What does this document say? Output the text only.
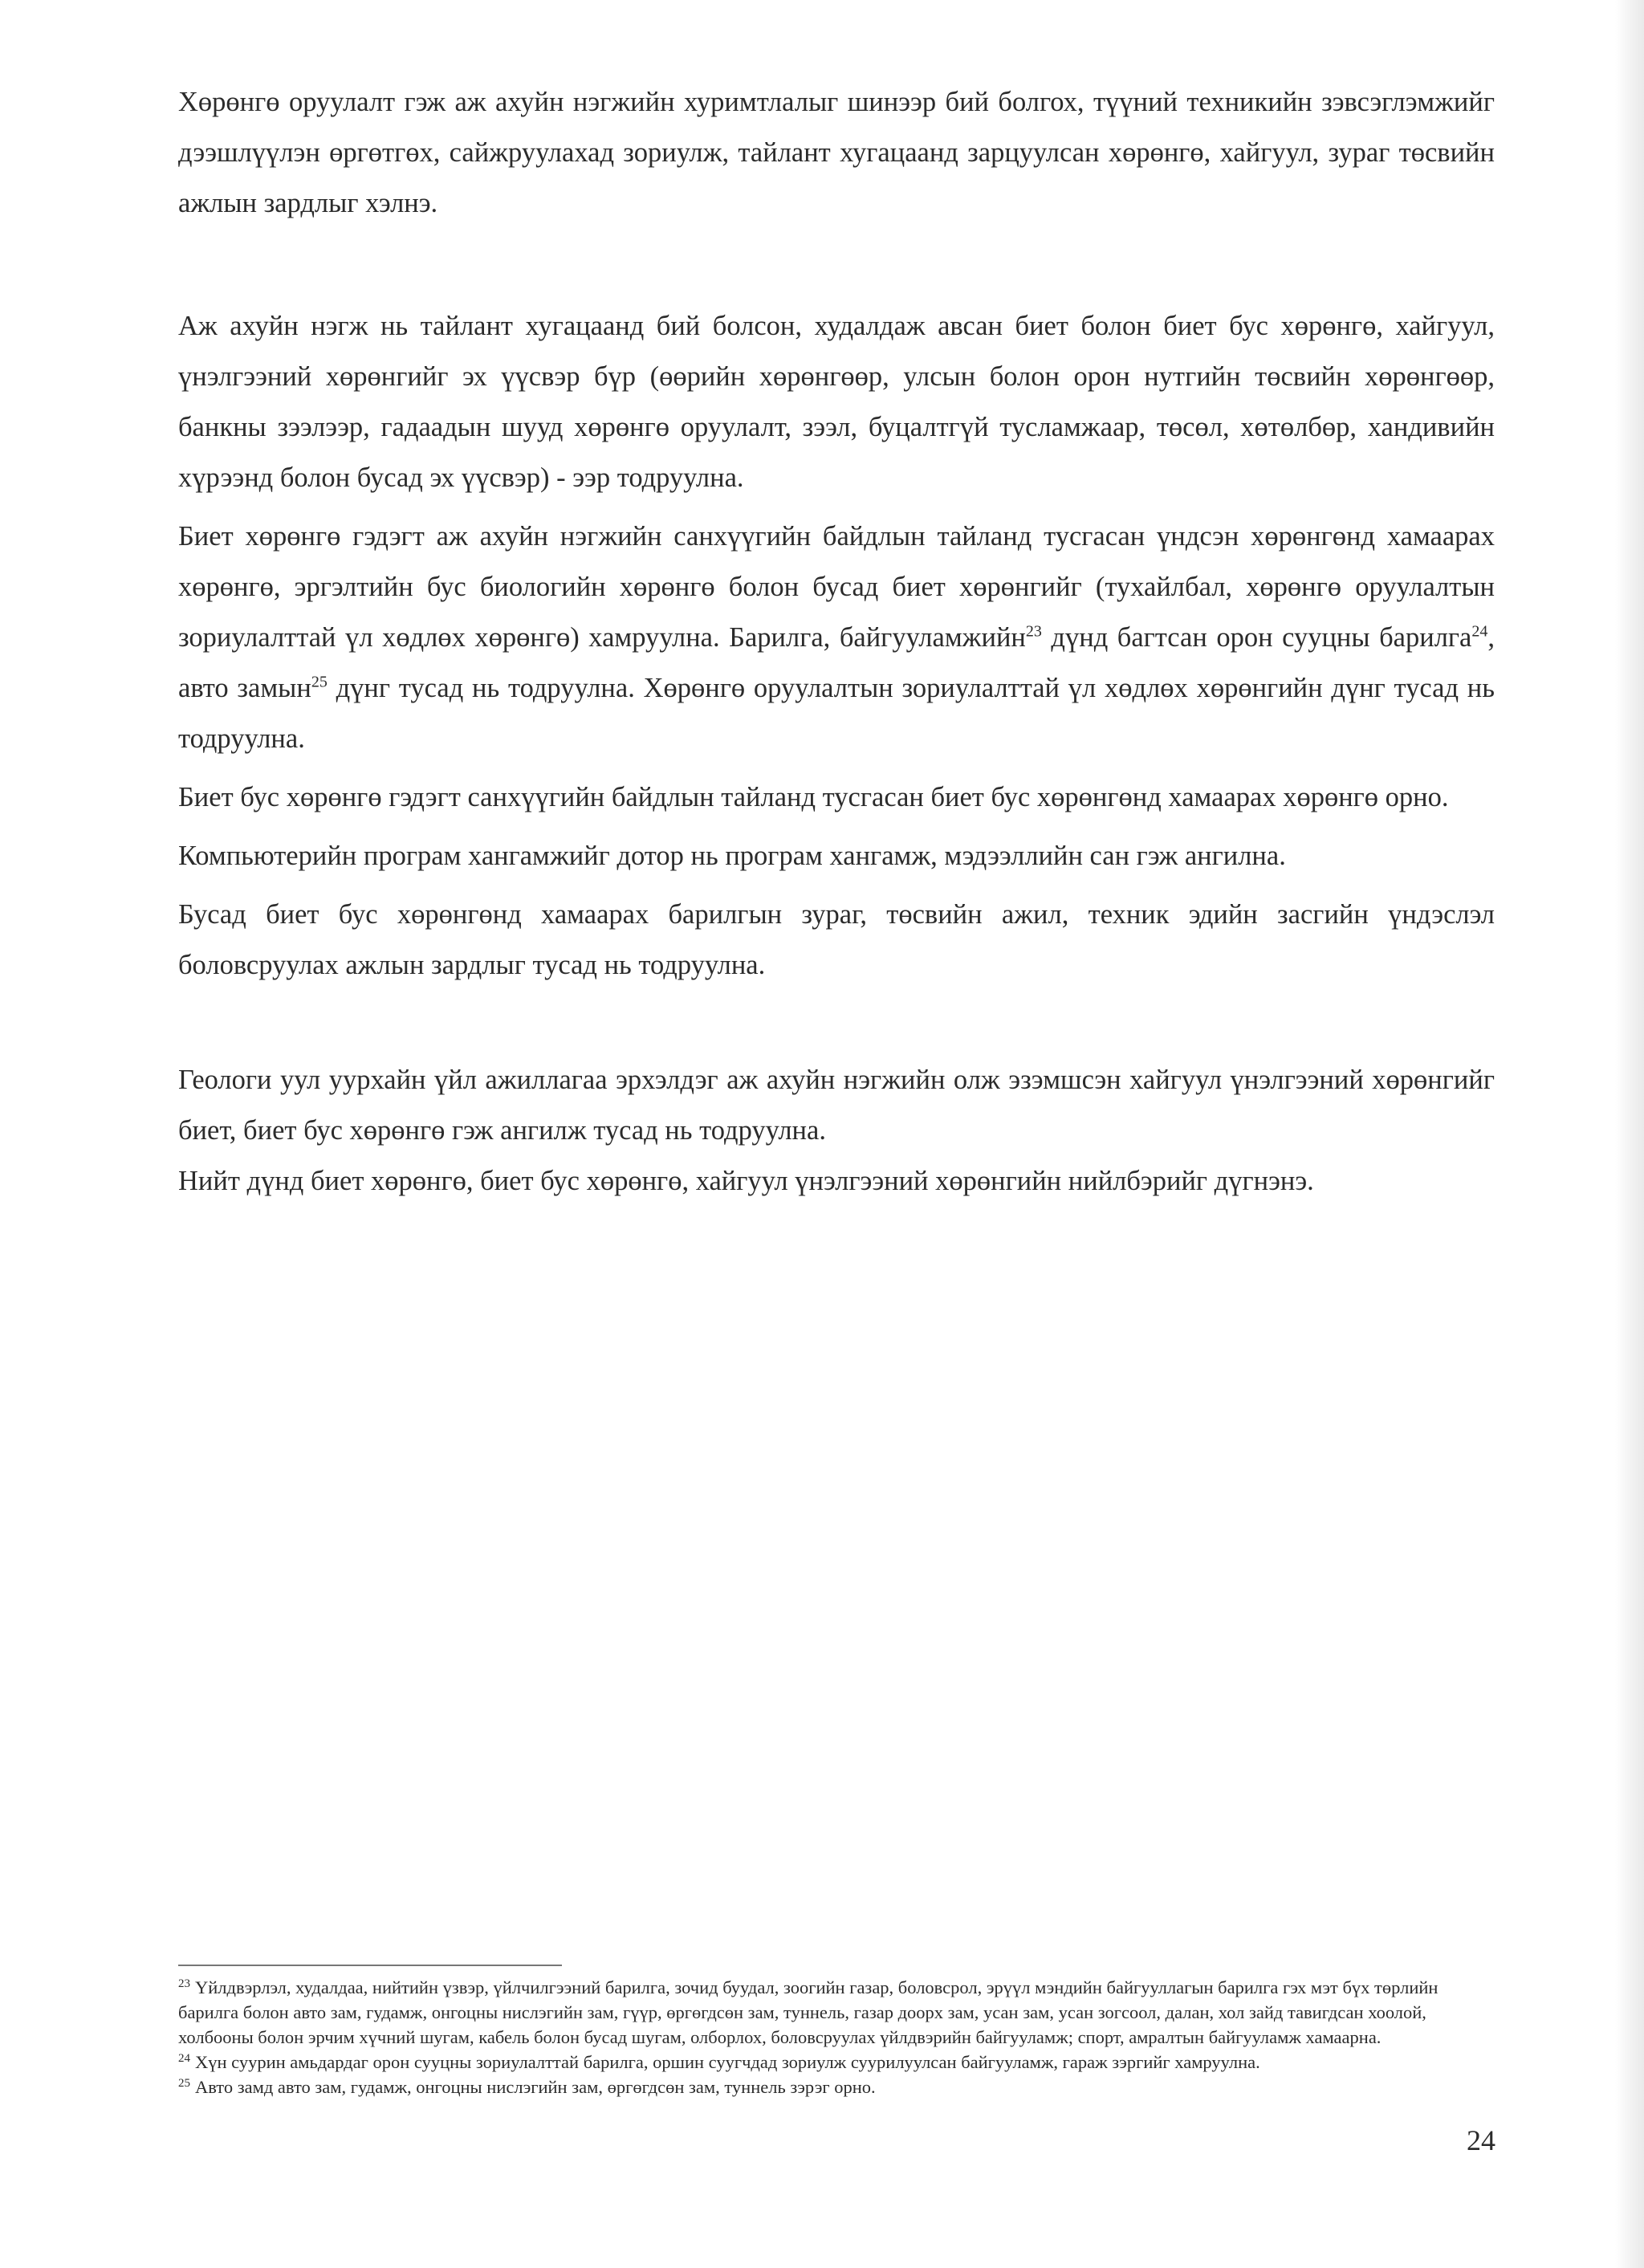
Хөрөнгө оруулалт гэж аж ахуйн нэгжийн хуримтлалыг шинээр бий болгох, түүний техникийн зэвсэглэмжийг дээшлүүлэн өргөтгөх, сайжруулахад зориулж, тайлант хугацаанд зарцуулсан хөрөнгө, хайгуул, зураг төсвийн ажлын зардлыг хэлнэ.

Аж ахуйн нэгж нь тайлант хугацаанд бий болсон, худалдаж авсан биет болон биет бус хөрөнгө, хайгуул, үнэлгээний хөрөнгийг эх үүсвэр бүр (өөрийн хөрөнгөөр, улсын болон орон нутгийн төсвийн хөрөнгөөр, банкны зээлээр, гадаадын шууд хөрөнгө оруулалт, зээл, буцалтгүй тусламжаар, төсөл, хөтөлбөр, хандивийн хүрээнд болон бусад эх үүсвэр) - ээр тодруулна.

Биет хөрөнгө гэдэгт аж ахуйн нэгжийн санхүүгийн байдлын тайланд тусгасан үндсэн хөрөнгөнд хамаарах хөрөнгө, эргэлтийн бус биологийн хөрөнгө болон бусад биет хөрөнгийг (тухайлбал, хөрөнгө оруулалтын зориулалттай үл хөдлөх хөрөнгө) хамруулна. Барилга, байгууламжийн$^{23}$ дүнд багтсан орон сууцны барилга$^{24}$, авто замын$^{25}$ дүнг тусад нь тодруулна. Хөрөнгө оруулалтын зориулалттай үл хөдлөх хөрөнгийн дүнг тусад нь тодруулна.

Биет бус хөрөнгө гэдэгт санхүүгийн байдлын тайланд тусгасан биет бус хөрөнгөнд хамаарах хөрөнгө орно.

Компьютерийн програм хангамжийг дотор нь програм хангамж, мэдээллийн сан гэж ангилна.

Бусад биет бус хөрөнгөнд хамаарах барилгын зураг, төсвийн ажил, техник эдийн засгийн үндэслэл боловсруулах ажлын зардлыг тусад нь тодруулна.

Геологи уул уурхайн үйл ажиллагаа эрхэлдэг аж ахуйн нэгжийн олж эзэмшсэн хайгуул үнэлгээний хөрөнгийг биет, биет бус хөрөнгө гэж ангилж тусад нь тодруулна.

Нийт дүнд биет хөрөнгө, биет бус хөрөнгө, хайгуул үнэлгээний хөрөнгийн нийлбэрийг дүгнэнэ.

$^{23}$ Үйлдвэрлэл, худалдаа, нийтийн үзвэр, үйлчилгээний барилга, зочид буудал, зоогийн газар, боловсрол, эрүүл мэндийн байгууллагын барилга гэх мэт бүх төрлийн барилга болон авто зам, гудамж, онгоцны нислэгийн зам, гүүр, өргөгдсөн зам, туннель, газар доорх зам, усан зам, усан зогсоол, далан, хол зайд тавигдсан хоолой, холбооны болон эрчим хүчний шугам, кабель болон бусад шугам, олборлох, боловсруулах үйлдвэрийн байгууламж; спорт, амралтын байгууламж хамаарна.

$^{24}$ Хүн суурин амьдардаг орон сууцны зориулалттай барилга, оршин суугчдад зориулж суурилуулсан байгууламж, гараж зэргийг хамруулна.

$^{25}$ Авто замд авто зам, гудамж, онгоцны нислэгийн зам, өргөгдсөн зам, туннель зэрэг орно.

24
